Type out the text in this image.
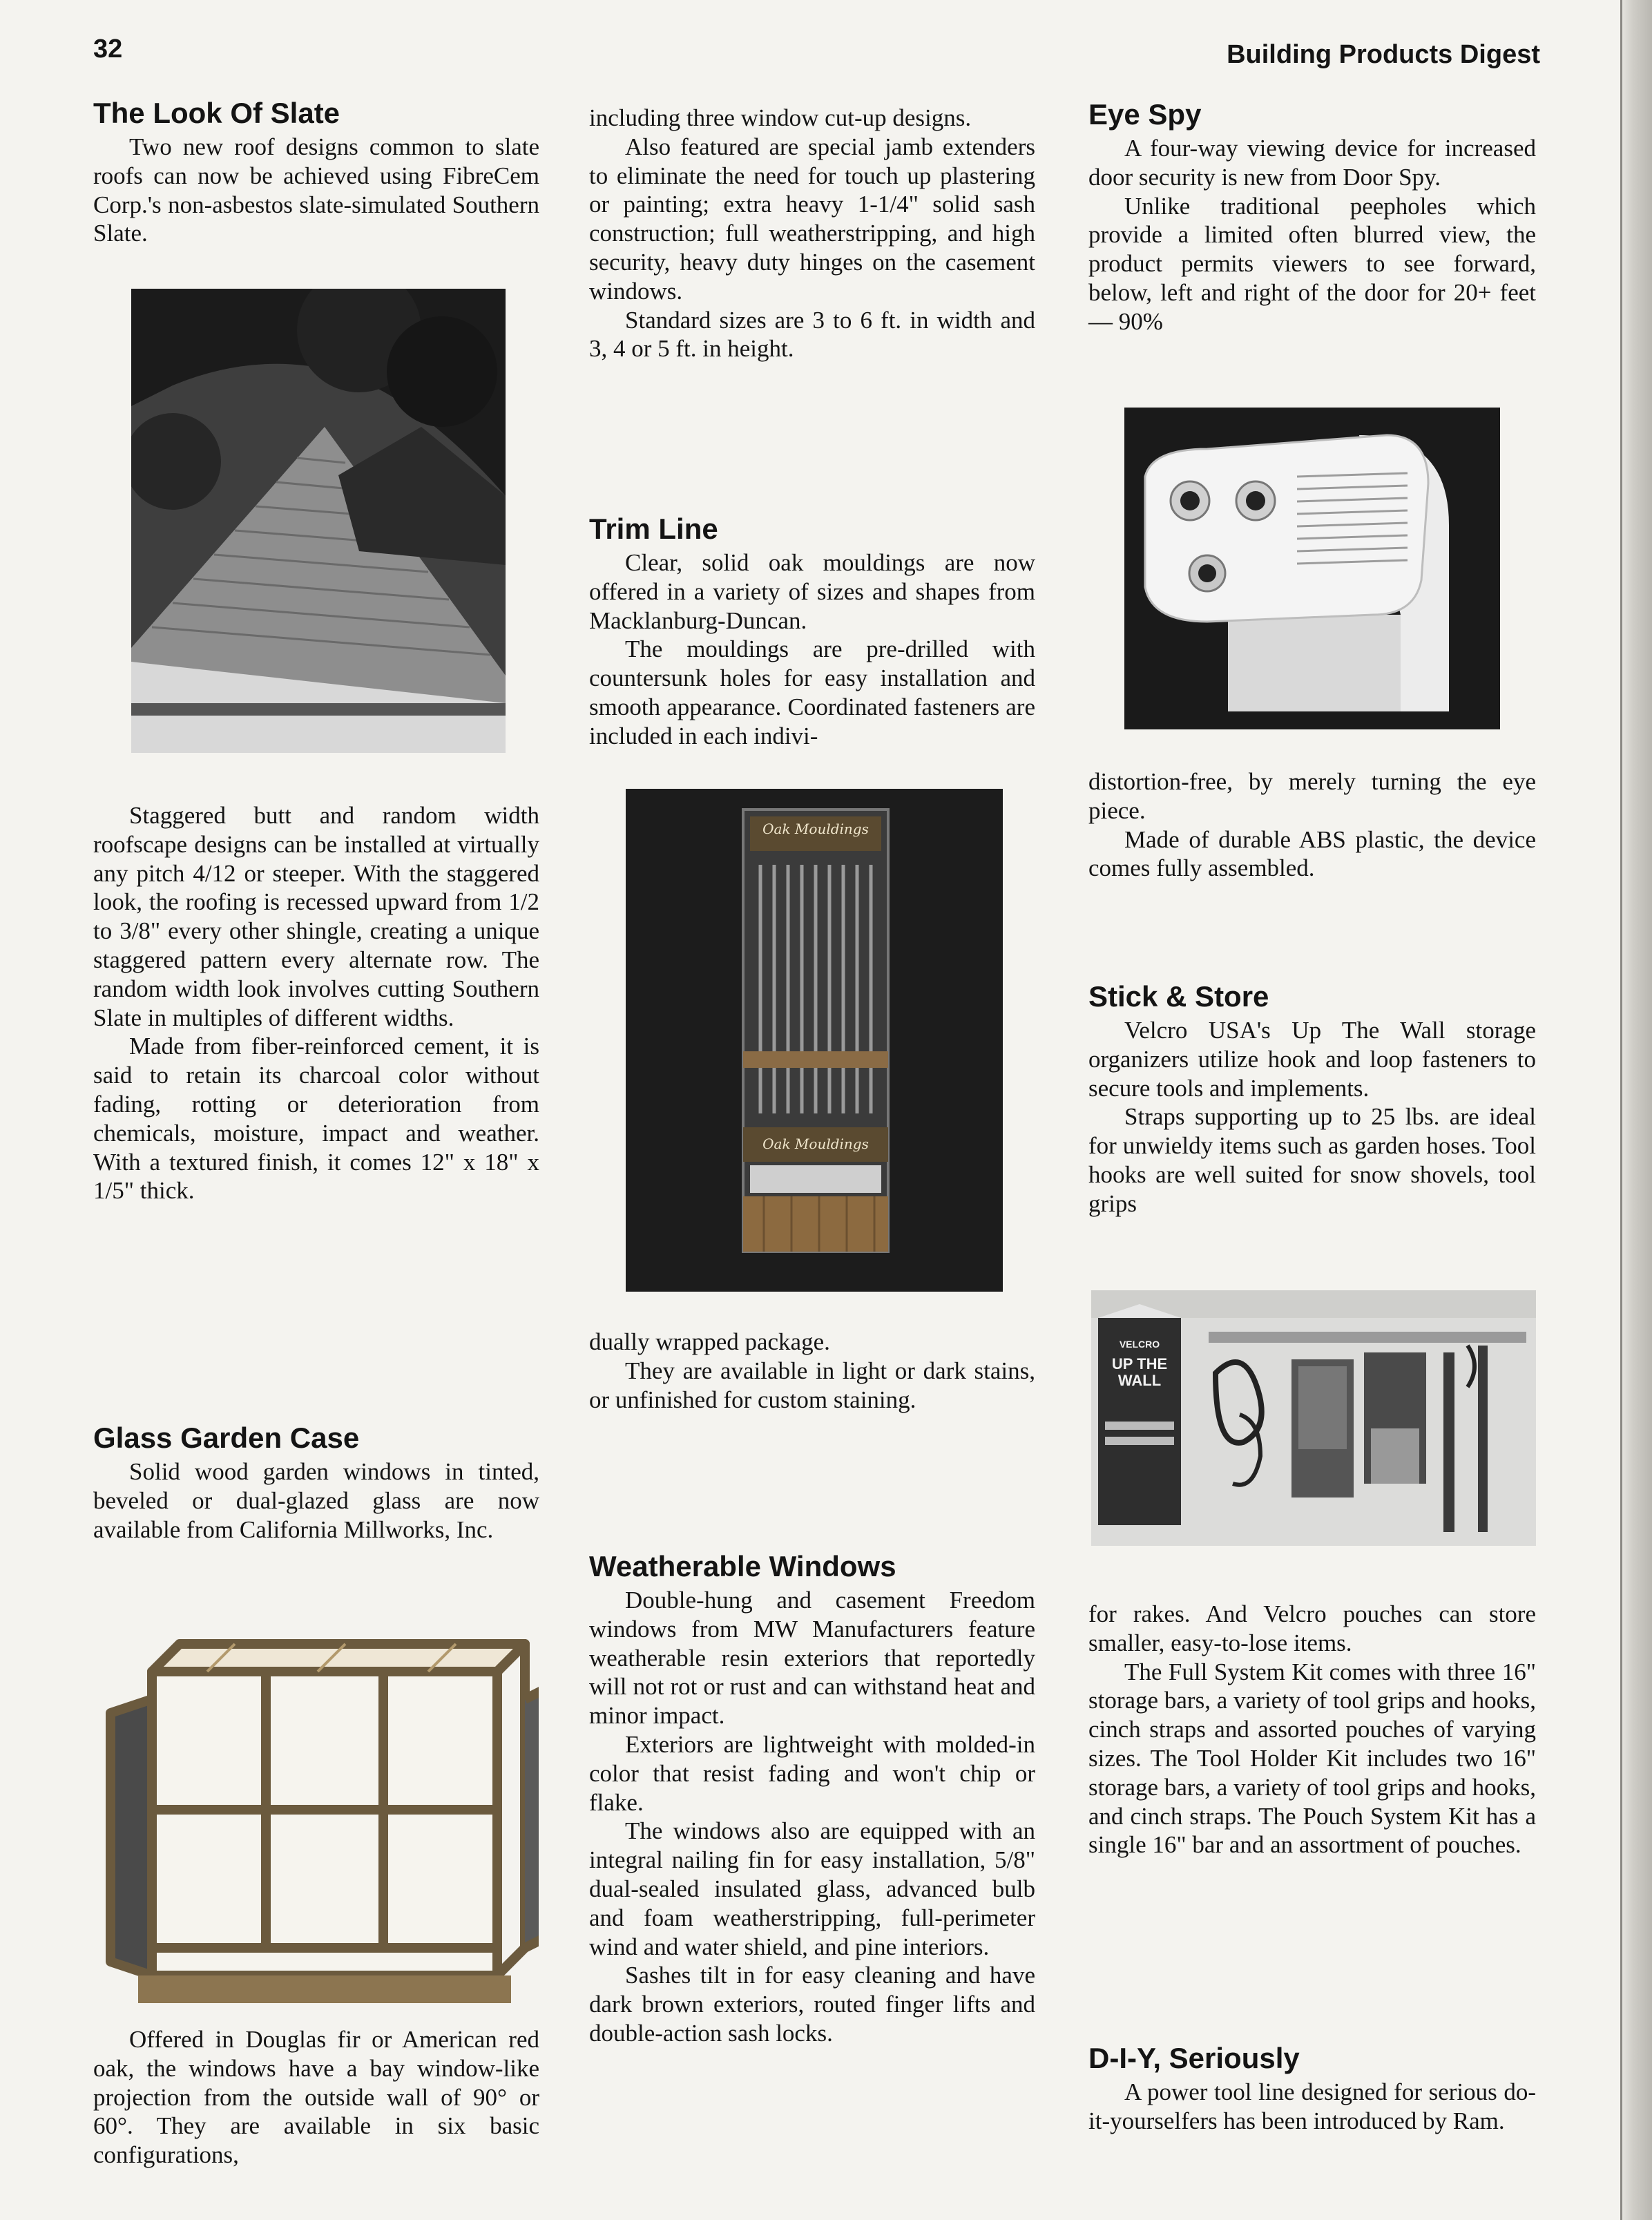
32	Building Products Digest
The Look Of Slate

Two new roof designs common to slate roofs can now be achieved using FibreCem Corp.'s non-asbestos slate-simulated Southern Slate.

Staggered butt and random width roofscape designs can be installed at virtually any pitch 4/12 or steeper. With the staggered look, the roofing is recessed upward from 1/2 to 3/8" every other shingle, creating a unique staggered pattern every alternate row. The random width look involves cutting Southern Slate in multiples of different widths.

Made from fiber-reinforced cement, it is said to retain its charcoal color without fading, rotting or deterioration from chemicals, moisture, impact and weather. With a textured finish, it comes 12" x 18" x 1/5" thick.

Glass Garden Case

Solid wood garden windows in tinted, beveled or dual-glazed glass are now available from California Millworks, Inc.

Offered in Douglas fir or American red oak, the windows have a bay window-like projection from the outside wall of 90° or 60°. They are available in six basic configurations,

including three window cut-up designs.

Also featured are special jamb extenders to eliminate the need for touch up plastering or painting; extra heavy 1-1/4" solid sash construction; full weatherstripping, and high security, heavy duty hinges on the casement windows.

Standard sizes are 3 to 6 ft. in width and 3, 4 or 5 ft. in height.

Trim Line

Clear, solid oak mouldings are now offered in a variety of sizes and shapes from Macklanburg-Duncan.

The mouldings are pre-drilled with countersunk holes for easy installation and smooth appearance. Coordinated fasteners are included in each indivi-

Oak Mouldings
Oak Mouldings

dually wrapped package.

They are available in light or dark stains, or unfinished for custom staining.

Weatherable Windows

Double-hung and casement Freedom windows from MW Manufacturers feature weatherable resin exteriors that reportedly will not rot or rust and can withstand heat and minor impact.

Exteriors are lightweight with molded-in color that resist fading and won't chip or flake.

The windows also are equipped with an integral nailing fin for easy installation, 5/8" dual-sealed insulated glass, advanced bulb and foam weatherstripping, full-perimeter wind and water shield, and pine interiors.

Sashes tilt in for easy cleaning and have dark brown exteriors, routed finger lifts and double-action sash locks.

Eye Spy

A four-way viewing device for increased door security is new from Door Spy.

Unlike traditional peepholes which provide a limited often blurred view, the product permits viewers to see forward, below, left and right of the door for 20+ feet — 90%

distortion-free, by merely turning the eye piece.

Made of durable ABS plastic, the device comes fully assembled.

Stick & Store

Velcro USA's Up The Wall storage organizers utilize hook and loop fasteners to secure tools and implements.

Straps supporting up to 25 lbs. are ideal for unwieldy items such as garden hoses. Tool hooks are well suited for snow shovels, tool grips

VELCRO
UP THE WALL

for rakes. And Velcro pouches can store smaller, easy-to-lose items.

The Full System Kit comes with three 16" storage bars, a variety of tool grips and hooks, cinch straps and assorted pouches of varying sizes. The Tool Holder Kit includes two 16" storage bars, a variety of tool grips and hooks, and cinch straps. The Pouch System Kit has a single 16" bar and an assortment of pouches.

D-I-Y, Seriously

A power tool line designed for serious do-it-yourselfers has been introduced by Ram.
